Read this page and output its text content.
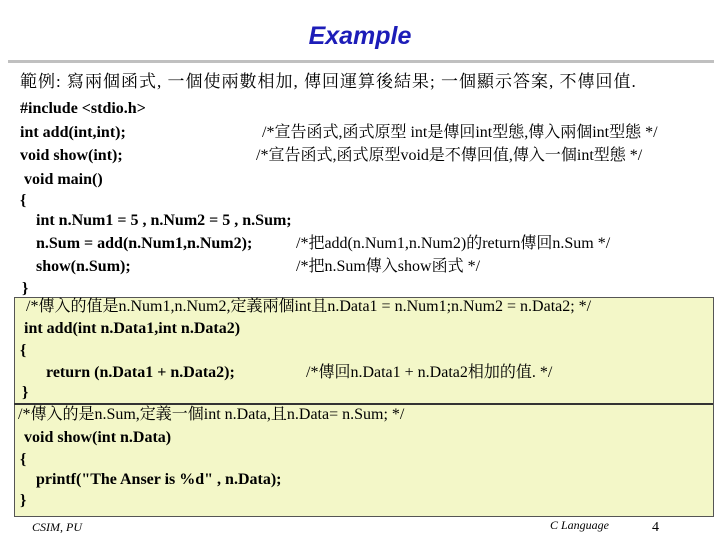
Example
範例: 寫兩個函式, 一個使兩數相加, 傳回運算後結果; 一個顯示答案, 不傳回值.
#include <stdio.h>
int add(int,int);	/*宣告函式,函式原型 int是傳回int型態,傳入兩個int型態 */
void show(int);	/*宣告函式,函式原型void是不傳回值,傳入一個int型態 */
void main()
{
int n.Num1 = 5 , n.Num2 = 5 , n.Sum;
n.Sum = add(n.Num1,n.Num2);	/*把add(n.Num1,n.Num2)的return傳回n.Sum */
show(n.Sum);	/*把n.Sum傳入show函式 */
}
/*傳入的值是n.Num1,n.Num2,定義兩個int且n.Data1 = n.Num1;n.Num2 = n.Data2; */
int add(int n.Data1,int n.Data2)
{
return (n.Data1 + n.Data2);	/*傳回n.Data1 + n.Data2相加的值. */
}
/*傳入的是n.Sum,定義一個int n.Data,且n.Data= n.Sum; */
void show(int n.Data)
{
printf("The Anser is %d" , n.Data);
}
CSIM, PU	C Language	4
